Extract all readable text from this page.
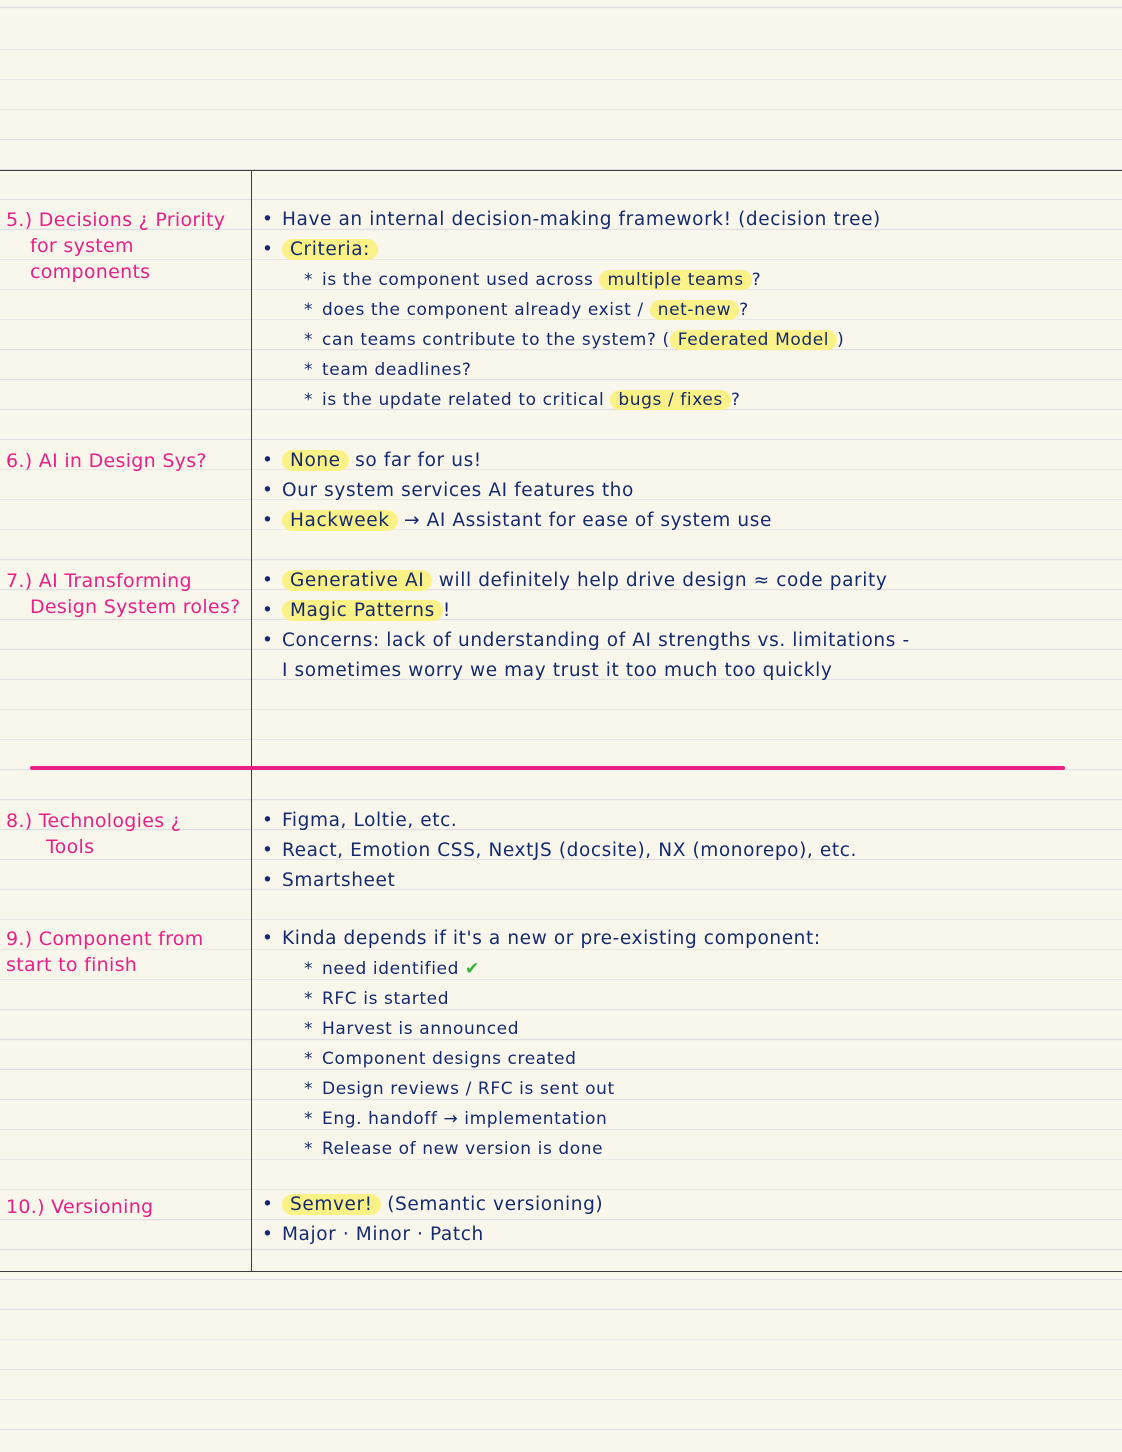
5.) Decisions ¿ Priority
for system components
• Have an internal decision-making framework! (decision tree)
• Criteria:
* is the component used across multiple teams ?
* does the component already exist / net-new ?
* can teams contribute to the system? ( Federated Model )
* team deadlines?
* is the update related to critical bugs / fixes ?
6.) AI in Design Sys?	• None so far for us!
• Our system services AI features tho
• Hackweek → AI Assistant for ease of system use
7.) AI Transforming
Design System roles?
• Generative AI will definitely help drive design ≈ code parity
• Magic Patterns !
• Concerns: lack of understanding of AI strengths vs. limitations -
I sometimes worry we may trust it too much too quickly
8.) Technologies ¿
Tools
• Figma, Loltie, etc.
• React, Emotion CSS, NextJS (docsite), NX (monorepo), etc.
• Smartsheet
9.) Component from
start to finish
• Kinda depends if it's a new or pre-existing component:
* need identified ✔
* RFC is started
* Harvest is announced
* Component designs created
* Design reviews / RFC is sent out
* Eng. handoff → implementation
* Release of new version is done
10.) Versioning	• Semver! (Semantic versioning)
• Major · Minor · Patch
